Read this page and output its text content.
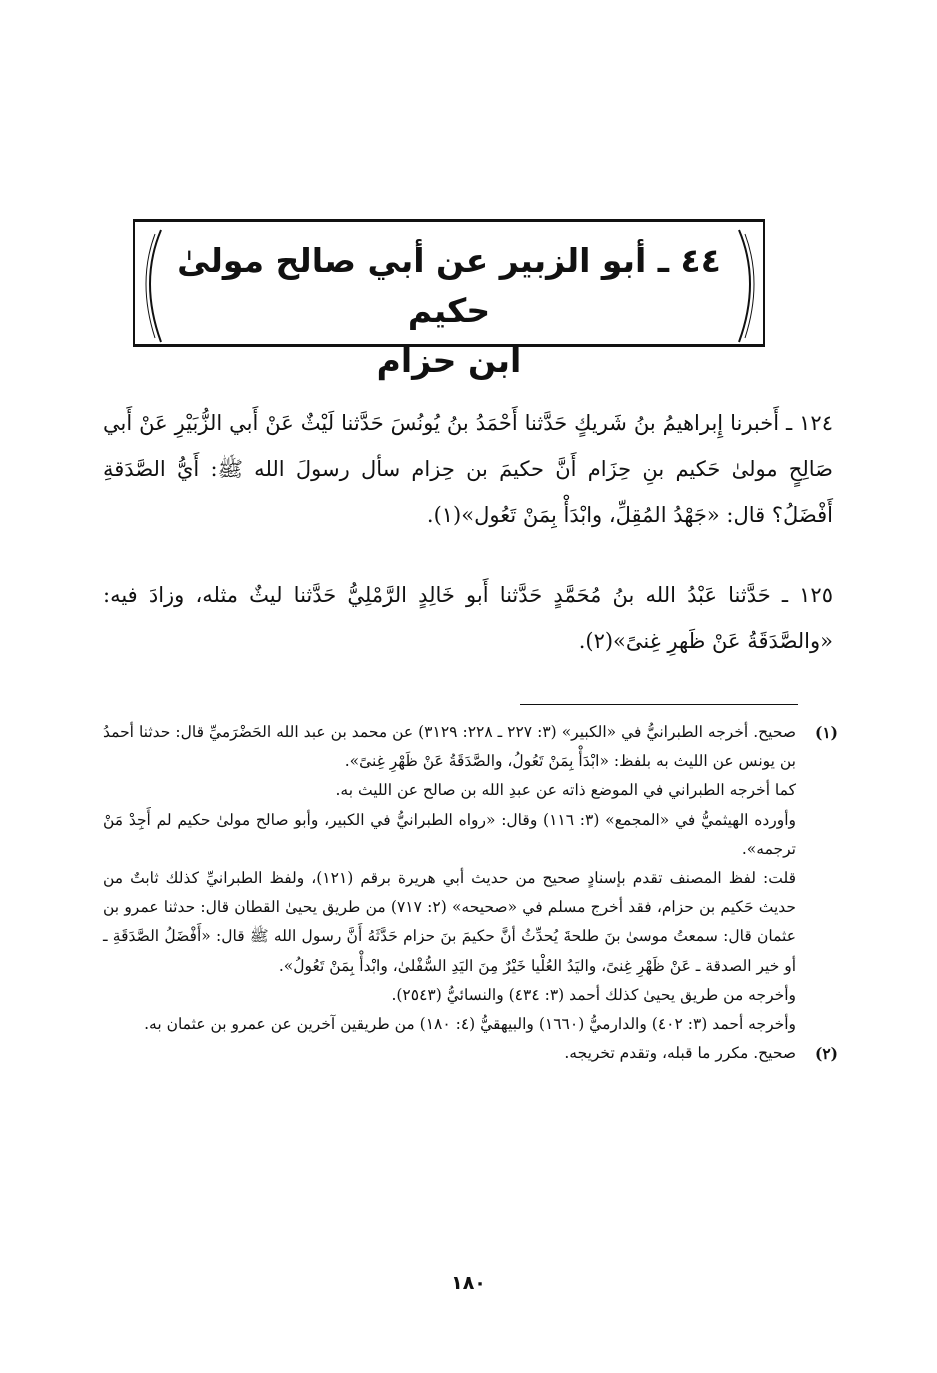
٤٤ ـ أبو الزبير عن أبي صالح مولىٰ حكيم
ابن حزام
١٢٤ ـ أَخبرنا إِبراهيمُ بنُ شَريكٍ حَدَّثنا أَحْمَدُ بنُ يُونُسَ حَدَّثنا لَيْثٌ عَنْ أَبي الزُّبَيْرِ عَنْ أَبي صَالِحٍ مولىٰ حَكيم بنِ حِزَام أَنَّ حكيمَ بن حِزام سأل رسولَ الله ﷺ: أَيُّ الصَّدَقةِ أَفْضَلُ؟ قال: «جَهْدُ المُقِلِّ، وابْدَأْ بِمَنْ تَعُول»(١).
١٢٥ ـ حَدَّثنا عَبْدُ الله بنُ مُحَمَّدٍ حَدَّثنا أَبو خَالِدٍ الرَّمْلِيُّ حَدَّثنا ليثٌ مثله، وزادَ فيه: «والصَّدَقَةُ عَنْ ظَهرِ غِنىً»(٢).
(١)

صحيح. أخرجه الطبرانيُّ في «الكبير» (٣: ٢٢٧ ـ ٢٢٨: ٣١٢٩) عن محمد بن عبد الله الحَضْرَميِّ قال: حدثنا أحمدُ بن يونس عن الليث به بلفظ: «ابْدَأْ بِمَنْ تَعُولُ، والصَّدَقَةُ عَنْ ظَهْرِ غِنىً».

كما أخرجه الطبراني في الموضع ذاته عن عبدِ الله بن صالح عن الليث به.

وأورده الهيثميُّ في «المجمع» (٣: ١١٦) وقال: «رواه الطبرانيُّ في الكبير، وأبو صالح مولىٰ حكيم لم أَجِدْ مَنْ ترجمه».

قلت: لفظ المصنف تقدم بإسنادٍ صحيح من حديث أبي هريرة برقم (١٢١)، ولفظ الطبرانيِّ كذلك ثابتٌ من حديث حَكيم بن حزام، فقد أخرج مسلم في «صحيحه» (٢: ٧١٧) من طريق يحيىٰ القطان قال: حدثنا عمرو بن عثمان قال: سمعتُ موسىٰ بنَ طلحةَ يُحدِّثُ أنَّ حكيمَ بنَ حزام حَدَّثَهُ أَنَّ رسول الله ﷺ قال: «أَفْضَلُ الصَّدَقَةِ ـ أو خير الصدقة ـ عَنْ ظَهْرِ غِنىً، واليَدُ العُلْيا خَيْرٌ مِنَ اليَدِ السُّفْلىٰ، وابْدأْ بِمَنْ تَعُولُ».

وأخرجه من طريق يحيىٰ كذلك أحمد (٣: ٤٣٤) والنسائيُّ (٢٥٤٣).

وأخرجه أحمد (٣: ٤٠٢) والدارميُّ (١٦٦٠) والبيهقيُّ (٤: ١٨٠) من طريقين آخرين عن عمرو بن عثمان به.

(٢)

صحيح. مكرر ما قبله، وتقدم تخريجه.

١٨٠
